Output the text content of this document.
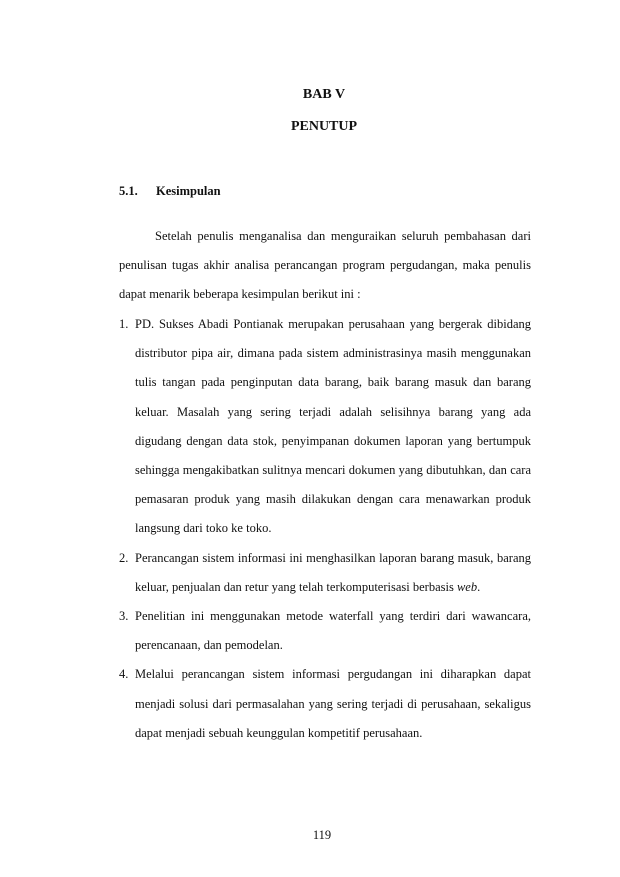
BAB V
PENUTUP
5.1. Kesimpulan
Setelah penulis menganalisa dan menguraikan seluruh pembahasan dari penulisan tugas akhir analisa perancangan program pergudangan, maka penulis dapat menarik beberapa kesimpulan berikut ini :
1. PD. Sukses Abadi Pontianak merupakan perusahaan yang bergerak dibidang distributor pipa air, dimana pada sistem administrasinya masih menggunakan tulis tangan pada penginputan data barang, baik barang masuk dan barang keluar. Masalah yang sering terjadi adalah selisihnya barang yang ada digudang dengan data stok, penyimpanan dokumen laporan yang bertumpuk sehingga mengakibatkan sulitnya mencari dokumen yang dibutuhkan, dan cara pemasaran produk yang masih dilakukan dengan cara menawarkan produk langsung dari toko ke toko.
2. Perancangan sistem informasi ini menghasilkan laporan barang masuk, barang keluar, penjualan dan retur yang telah terkomputerisasi berbasis web.
3. Penelitian ini menggunakan metode waterfall yang terdiri dari wawancara, perencanaan, dan pemodelan.
4. Melalui perancangan sistem informasi pergudangan ini diharapkan dapat menjadi solusi dari permasalahan yang sering terjadi di perusahaan, sekaligus dapat menjadi sebuah keunggulan kompetitif perusahaan.
119
